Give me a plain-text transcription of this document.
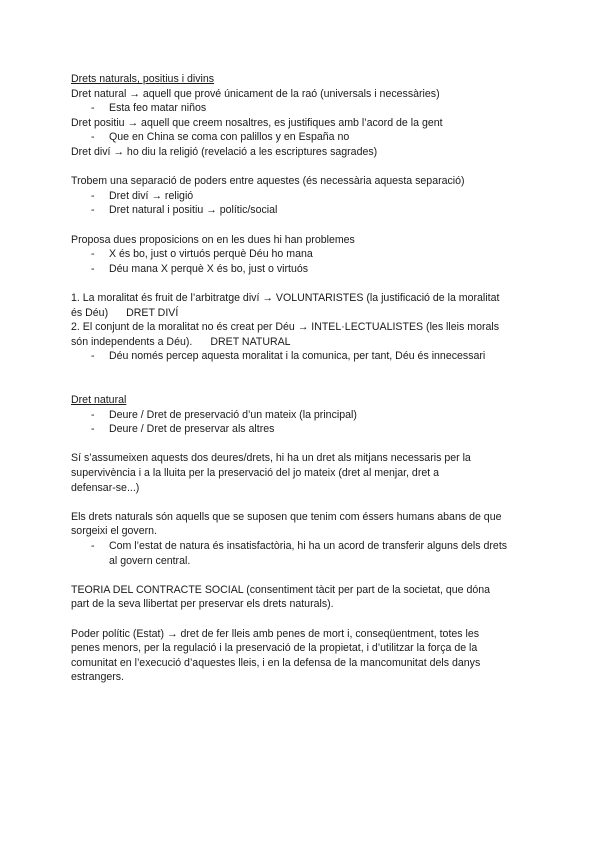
Drets naturals, positius i divins

Dret natural → aquell que prové únicament de la raó (universals i necessàries)

- Esta feo matar niños

Dret positiu → aquell que creem nosaltres, es justifiques amb l’acord de la gent

- Que en China se coma con palillos y en España no

Dret diví → ho diu la religió (revelació a les escriptures sagrades)

Trobem una separació de poders entre aquestes (és necessària aquesta separació)

- Dret diví → religió
- Dret natural i positiu → polític/social

Proposa dues proposicions on en les dues hi han problemes

- X és bo, just o virtuós perquè Déu ho mana
- Déu mana X perquè X és bo, just o virtuós

1. La moralitat és fruit de l’arbitratge diví → VOLUNTARISTES (la justificació de la moralitat

és Déu) DRET DIVÍ

2. El conjunt de la moralitat no és creat per Déu → INTEL·LECTUALISTES (les lleis morals

són independents a Déu). DRET NATURAL

- Déu només percep aquesta moralitat i la comunica, per tant, Déu és innecessari

Dret natural

- Deure / Dret de preservació d’un mateix (la principal)
- Deure / Dret de preservar als altres

Sí s’assumeixen aquests dos deures/drets, hi ha un dret als mitjans necessaris per la

supervivència i a la lluita per la preservació del jo mateix (dret al menjar, dret a

defensar-se...)

Els drets naturals són aquells que se suposen que tenim com éssers humans abans de que

sorgeixi el govern.

- Com l’estat de natura és insatisfactòria, hi ha un acord de transferir alguns dels drets
al govern central.

TEORIA DEL CONTRACTE SOCIAL (consentiment tàcit per part de la societat, que dóna

part de la seva llibertat per preservar els drets naturals).

Poder polític (Estat) → dret de fer lleis amb penes de mort i, conseqüentment, totes les

penes menors, per la regulació i la preservació de la propietat, i d’utilitzar la força de la

comunitat en l’execució d’aquestes lleis, i en la defensa de la mancomunitat dels danys

estrangers.
